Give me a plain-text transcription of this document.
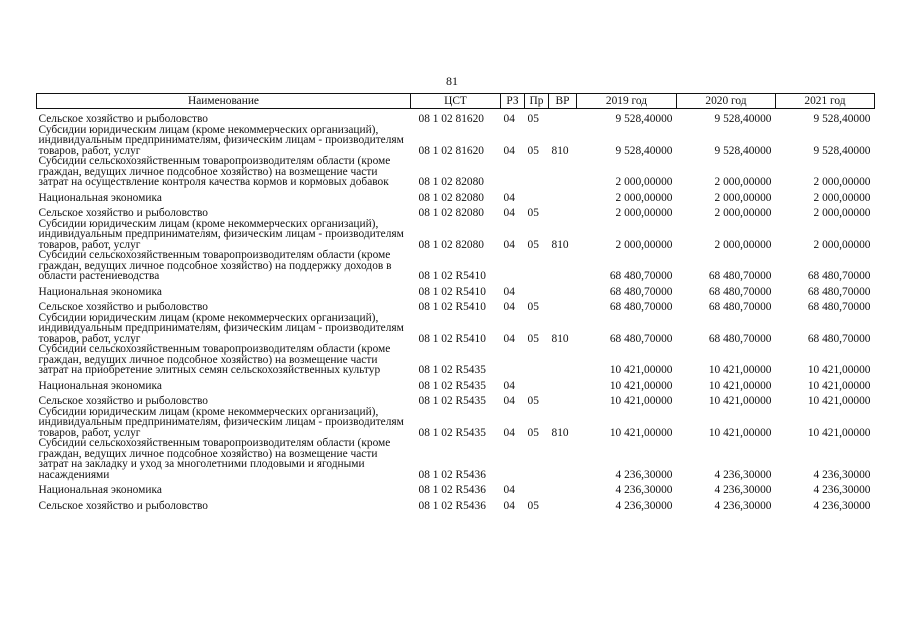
81
Наименование	ЦСТ	РЗ	Пр	ВР	2019 год	2020 год	2021 год
Сельское хозяйство и рыболовство	08 1 02 81620	04	05		9 528,40000	9 528,40000	9 528,40000
Субсидии юридическим лицам (кроме некоммерческих организаций), индивидуальным предпринимателям, физическим лицам - производителям товаров, работ, услуг	08 1 02 81620	04	05	810	9 528,40000	9 528,40000	9 528,40000
Субсидии сельскохозяйственным товаропроизводителям области (кроме граждан, ведущих личное подсобное хозяйство) на возмещение части затрат на осуществление контроля качества кормов и кормовых добавок	08 1 02 82080				2 000,00000	2 000,00000	2 000,00000
Национальная экономика	08 1 02 82080	04			2 000,00000	2 000,00000	2 000,00000
Сельское хозяйство и рыболовство	08 1 02 82080	04	05		2 000,00000	2 000,00000	2 000,00000
Субсидии юридическим лицам (кроме некоммерческих организаций), индивидуальным предпринимателям, физическим лицам - производителям товаров, работ, услуг	08 1 02 82080	04	05	810	2 000,00000	2 000,00000	2 000,00000
Субсидии сельскохозяйственным товаропроизводителям области (кроме граждан, ведущих личное подсобное хозяйство) на поддержку доходов в области растениеводства	08 1 02 R5410				68 480,70000	68 480,70000	68 480,70000
Национальная экономика	08 1 02 R5410	04			68 480,70000	68 480,70000	68 480,70000
Сельское хозяйство и рыболовство	08 1 02 R5410	04	05		68 480,70000	68 480,70000	68 480,70000
Субсидии юридическим лицам (кроме некоммерческих организаций), индивидуальным предпринимателям, физическим лицам - производителям товаров, работ, услуг	08 1 02 R5410	04	05	810	68 480,70000	68 480,70000	68 480,70000
Субсидии сельскохозяйственным товаропроизводителям области (кроме граждан, ведущих личное подсобное хозяйство) на возмещение части затрат на приобретение элитных семян сельскохозяйственных культур	08 1 02 R5435				10 421,00000	10 421,00000	10 421,00000
Национальная экономика	08 1 02 R5435	04			10 421,00000	10 421,00000	10 421,00000
Сельское хозяйство и рыболовство	08 1 02 R5435	04	05		10 421,00000	10 421,00000	10 421,00000
Субсидии юридическим лицам (кроме некоммерческих организаций), индивидуальным предпринимателям, физическим лицам - производителям товаров, работ, услуг	08 1 02 R5435	04	05	810	10 421,00000	10 421,00000	10 421,00000
Субсидии сельскохозяйственным товаропроизводителям области (кроме граждан, ведущих личное подсобное хозяйство) на возмещение части затрат на закладку и уход за многолетними плодовыми и ягодными насаждениями	08 1 02 R5436				4 236,30000	4 236,30000	4 236,30000
Национальная экономика	08 1 02 R5436	04			4 236,30000	4 236,30000	4 236,30000
Сельское хозяйство и рыболовство	08 1 02 R5436	04	05		4 236,30000	4 236,30000	4 236,30000
